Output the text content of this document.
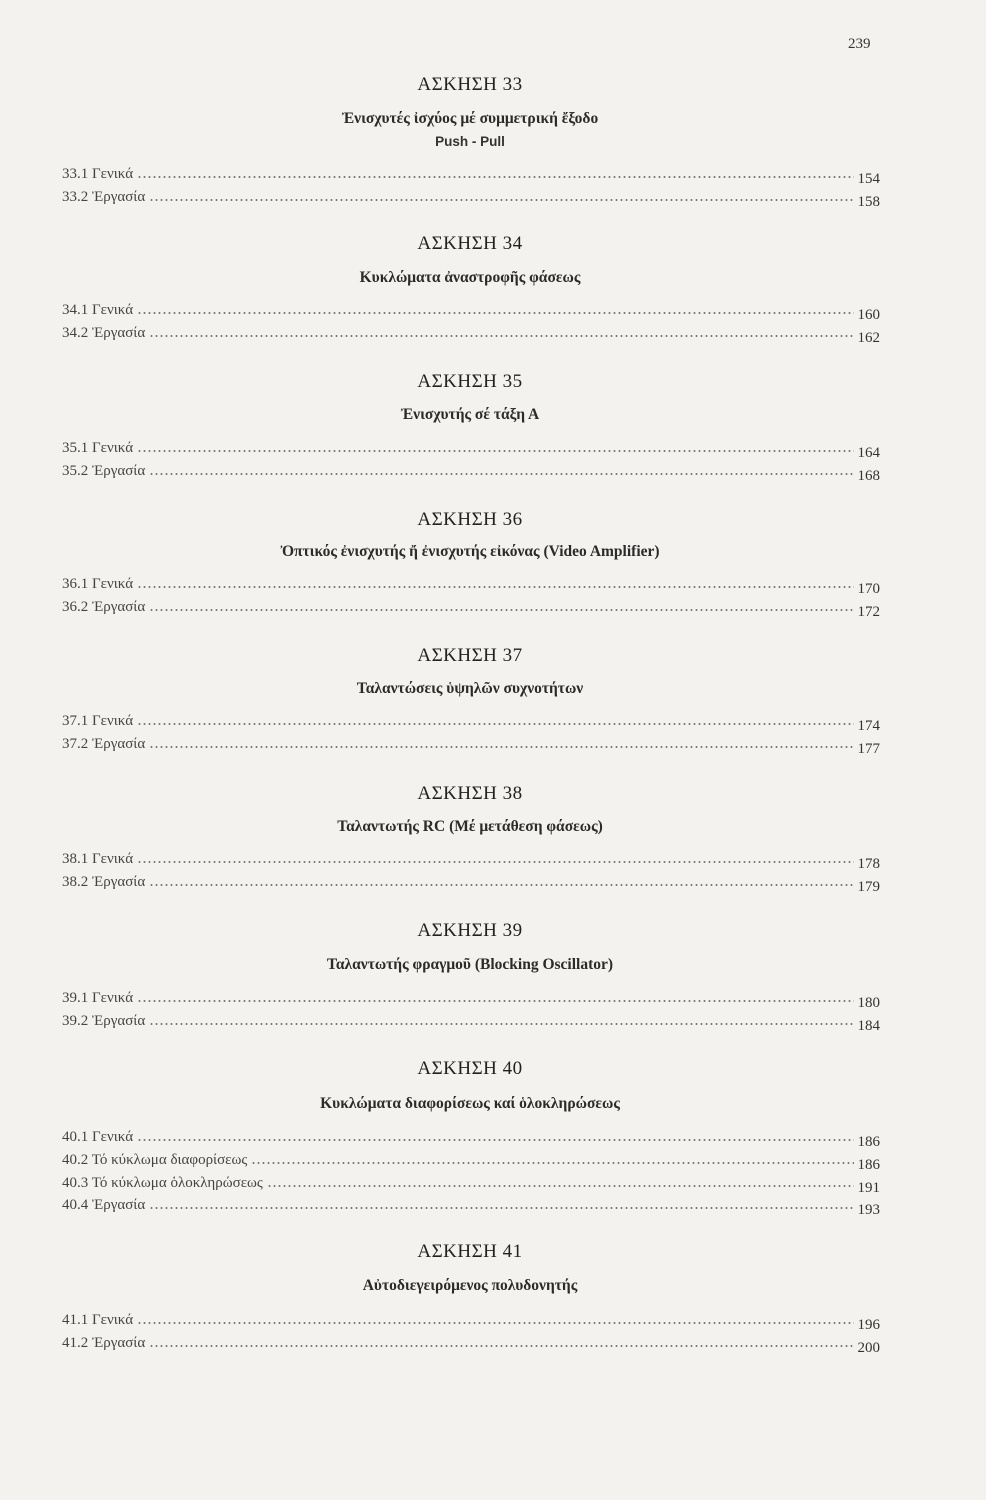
239
ΑΣΚΗΣΗ 33
Ἐνισχυτές ἰσχύος μέ συμμετρική ἔξοδο
Push - Pull
33.1 Γενικά	154
33.2 Ἐργασία	158
ΑΣΚΗΣΗ 34
Κυκλώματα ἀναστροφῆς φάσεως
34.1 Γενικά	160
34.2 Ἐργασία	162
ΑΣΚΗΣΗ 35
Ἐνισχυτής σέ τάξη Α
35.1 Γενικά	164
35.2 Ἐργασία	168
ΑΣΚΗΣΗ 36
Ὀπτικός ἐνισχυτής ἤ ἐνισχυτής εἰκόνας (Video Amplifier)
36.1 Γενικά	170
36.2 Ἐργασία	172
ΑΣΚΗΣΗ 37
Ταλαντώσεις ὑψηλῶν συχνοτήτων
37.1 Γενικά	174
37.2 Ἐργασία	177
ΑΣΚΗΣΗ 38
Ταλαντωτής RC (Μέ μετάθεση φάσεως)
38.1 Γενικά	178
38.2 Ἐργασία	179
ΑΣΚΗΣΗ 39
Ταλαντωτής φραγμοῦ (Blocking Oscillator)
39.1 Γενικά	180
39.2 Ἐργασία	184
ΑΣΚΗΣΗ 40
Κυκλώματα διαφορίσεως καί ὁλοκληρώσεως
40.1 Γενικά	186
40.2 Τό κύκλωμα διαφορίσεως	186
40.3 Τό κύκλωμα ὁλοκληρώσεως	191
40.4 Ἐργασία	193
ΑΣΚΗΣΗ 41
Αὐτοδιεγειρόμενος πολυδονητής
41.1 Γενικά	196
41.2 Ἐργασία	200
